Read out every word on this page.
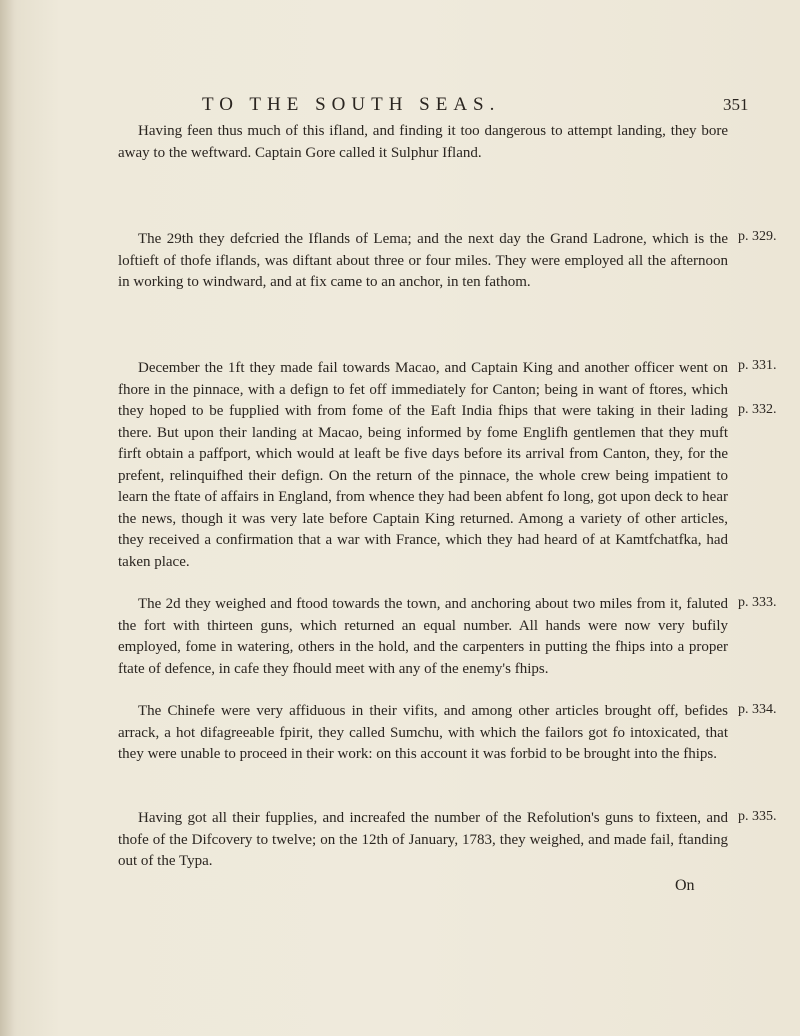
TO THE SOUTH SEAS.	351

Having feen thus much of this ifland, and finding it too dangerous to attempt landing, they bore away to the weftward. Captain Gore called it Sulphur Ifland.

The 29th they defcried the Iflands of Lema; and the next day the Grand Ladrone, which is the loftieft of thofe iflands, was diftant about three or four miles. They were employed all the afternoon in working to windward, and at fix came to an anchor, in ten fathom.

December the 1ft they made fail towards Macao, and Captain King and another officer went on fhore in the pinnace, with a defign to fet off immediately for Canton; being in want of ftores, which they hoped to be fupplied with from fome of the Eaft India fhips that were taking in their lading there. But upon their landing at Macao, being informed by fome Englifh gentlemen that they muft firft obtain a paffport, which would at leaft be five days before its arrival from Canton, they, for the prefent, relinquifhed their defign. On the return of the pinnace, the whole crew being impatient to learn the ftate of affairs in England, from whence they had been abfent fo long, got upon deck to hear the news, though it was very late before Captain King returned. Among a variety of other articles, they received a confirmation that a war with France, which they had heard of at Kamtfchatfka, had taken place.

The 2d they weighed and ftood towards the town, and anchoring about two miles from it, faluted the fort with thirteen guns, which returned an equal number. All hands were now very bufily employed, fome in watering, others in the hold, and the carpenters in putting the fhips into a proper ftate of defence, in cafe they fhould meet with any of the enemy's fhips.

The Chinefe were very affiduous in their vifits, and among other articles brought off, befides arrack, a hot difagreeable fpirit, they called Sumchu, with which the failors got fo intoxicated, that they were unable to proceed in their work: on this account it was forbid to be brought into the fhips.

Having got all their fupplies, and increafed the number of the Refolution's guns to fixteen, and thofe of the Difcovery to twelve; on the 12th of January, 1783, they weighed, and made fail, ftanding out of the Typa.

p. 329.
p. 331.
p. 332.
p. 333.
p. 334.
p. 335.
On
